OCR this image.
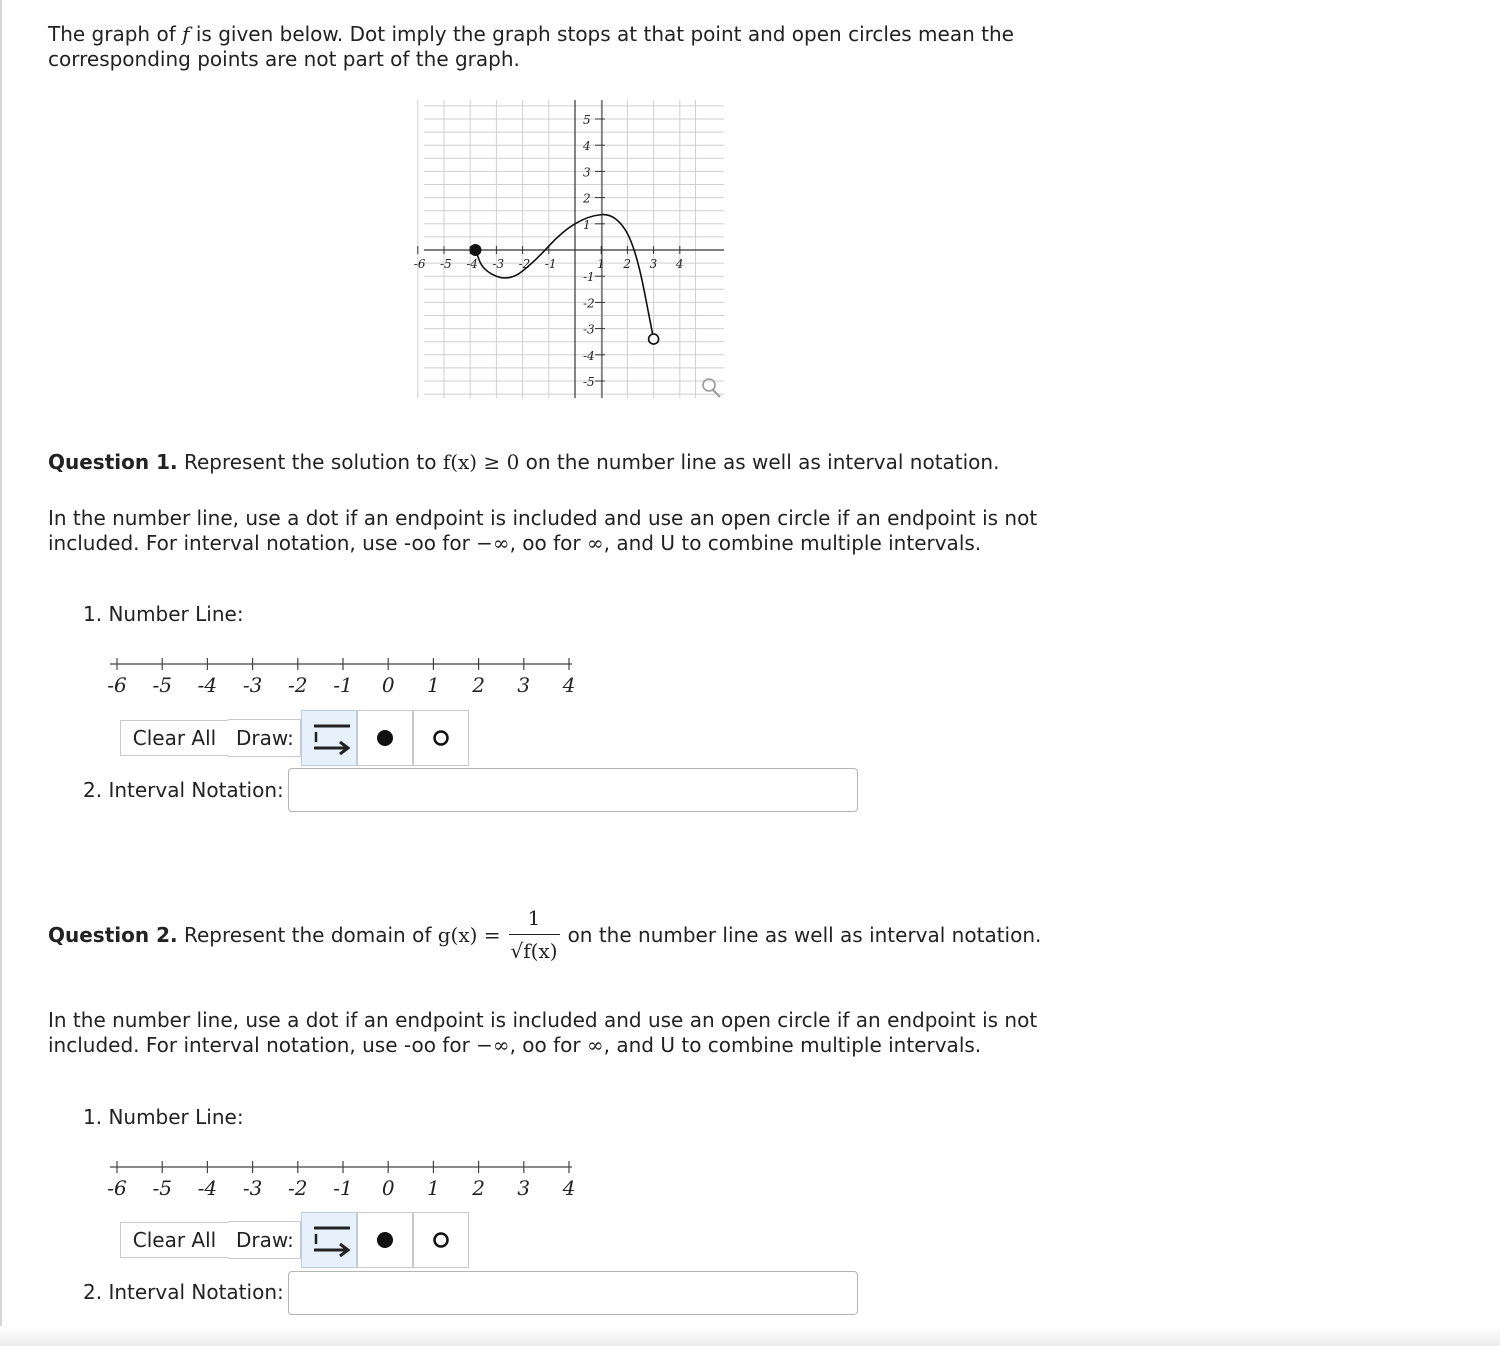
The graph of f is given below. Dot imply the graph stops at that point and open circles mean the
corresponding points are not part of the graph.

-6 -5 -4 -3 -2 -1	1 2 3 4
5
4
3
2
1
-1
-2
-3
-4
-5

Question 1. Represent the solution to f(x) ≥ 0 on the number line as well as interval notation.

In the number line, use a dot if an endpoint is included and use an open circle if an endpoint is not
included. For interval notation, use -oo for −∞, oo for ∞, and U to combine multiple intervals.

1. Number Line:
-6 -5 -4 -3 -2 -1 0 1 2 3 4
Clear All Draw:
2. Interval Notation:
Question 2.
Represent the domain of
$g(x) = \frac{1}{√f(x)}$ on the number line as well as interval notation.

In the number line, use a dot if an endpoint is included and use an open circle if an endpoint is not
included. For interval notation, use -oo for −∞, oo for ∞, and U to combine multiple intervals.

1. Number Line:
-6 -5 -4 -3 -2 -1 0 1 2 3 4
Clear All Draw:
2. Interval Notation:
